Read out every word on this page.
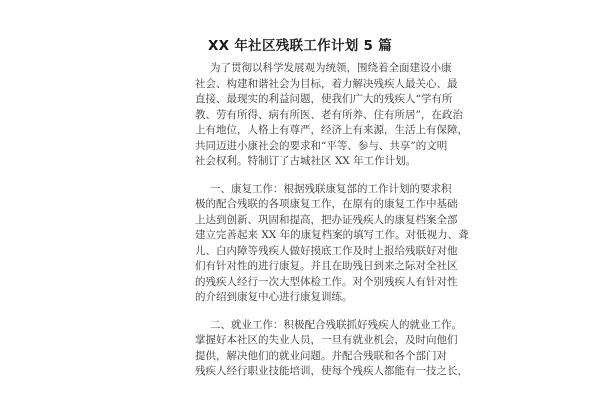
XX 年社区残联工作计划 5 篇
为了贯彻以科学发展观为统领，围绕着全面建设小康
社会、构建和谐社会为目标，着力解决残疾人最关心、最
直接、最现实的利益问题，使我们广大的残疾人“学有所
教、劳有所得、病有所医、老有所养、住有所居”，在政治
上有地位，人格上有尊严，经济上有来源，生活上有保障，
共同迈进小康社会的要求和“平等、参与、共享”的文明
社会权利。特制订了古城社区 XX 年工作计划。
一、康复工作：根据残联康复部的工作计划的要求积
极的配合残联的各项康复工作，在原有的康复工作中基础
上达到创新、巩固和提高，把办证残疾人的康复档案全部
建立完善起来 XX 年的康复档案的填写工作。对低视力、聋
儿、白内障等残疾人做好摸底工作及时上报给残联好对他
们有针对性的进行康复。并且在助残日到来之际对全社区
的残疾人经行一次大型体检工作。对个别残疾人有针对性
的介绍到康复中心进行康复训练。
二、就业工作：积极配合残联抓好残疾人的就业工作。
掌握好本社区的失业人员，一旦有就业机会，及时向他们
提供，解决他们的就业问题。并配合残联和各个部门对
残疾人经行职业技能培训，使每个残疾人都能有一技之长，
